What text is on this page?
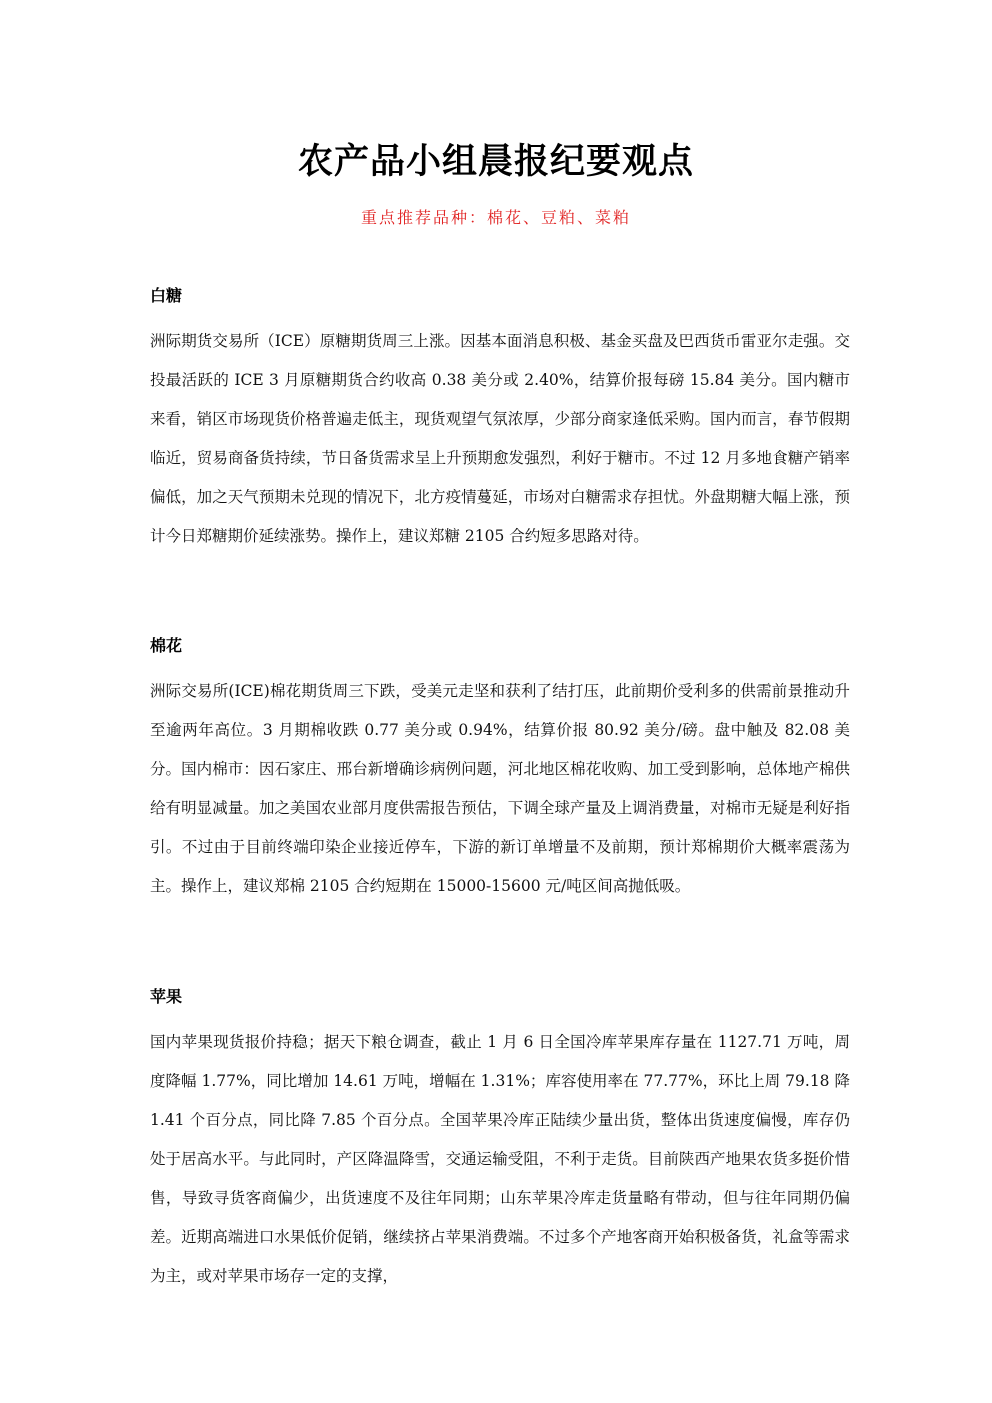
农产品小组晨报纪要观点

重点推荐品种：棉花、豆粕、菜粕

白糖

洲际期货交易所（ICE）原糖期货周三上涨。因基本面消息积极、基金买盘及巴西货币雷亚尔走强。交投最活跃的 ICE 3 月原糖期货合约收高 0.38 美分或 2.40%，结算价报每磅 15.84 美分。国内糖市来看，销区市场现货价格普遍走低主，现货观望气氛浓厚，少部分商家逢低采购。国内而言，春节假期临近，贸易商备货持续，节日备货需求呈上升预期愈发强烈，利好于糖市。不过 12 月多地食糖产销率偏低，加之天气预期未兑现的情况下，北方疫情蔓延，市场对白糖需求存担忧。外盘期糖大幅上涨，预计今日郑糖期价延续涨势。操作上，建议郑糖 2105 合约短多思路对待。

棉花

洲际交易所(ICE)棉花期货周三下跌，受美元走坚和获利了结打压，此前期价受利多的供需前景推动升至逾两年高位。3 月期棉收跌 0.77 美分或 0.94%，结算价报 80.92 美分/磅。盘中触及 82.08 美分。国内棉市：因石家庄、邢台新增确诊病例问题，河北地区棉花收购、加工受到影响，总体地产棉供给有明显减量。加之美国农业部月度供需报告预估，下调全球产量及上调消费量，对棉市无疑是利好指引。不过由于目前终端印染企业接近停车，下游的新订单增量不及前期，预计郑棉期价大概率震荡为主。操作上，建议郑棉 2105 合约短期在 15000-15600 元/吨区间高抛低吸。

苹果

国内苹果现货报价持稳；据天下粮仓调查，截止 1 月 6 日全国冷库苹果库存量在 1127.71 万吨，周度降幅 1.77%，同比增加 14.61 万吨，增幅在 1.31%；库容使用率在 77.77%，环比上周 79.18 降 1.41 个百分点，同比降 7.85 个百分点。全国苹果冷库正陆续少量出货，整体出货速度偏慢，库存仍处于居高水平。与此同时，产区降温降雪，交通运输受阻，不利于走货。目前陕西产地果农货多挺价惜售，导致寻货客商偏少，出货速度不及往年同期；山东苹果冷库走货量略有带动，但与往年同期仍偏差。近期高端进口水果低价促销，继续挤占苹果消费端。不过多个产地客商开始积极备货，礼盒等需求为主，或对苹果市场存一定的支撑，
